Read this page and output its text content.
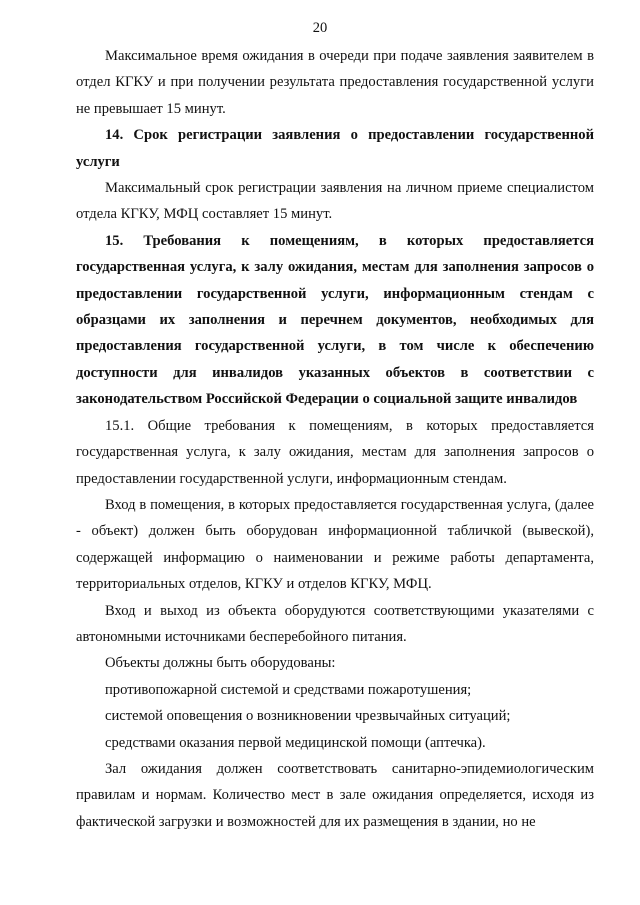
20

Максимальное время ожидания в очереди при подаче заявления заявителем в отдел КГКУ и при получении результата предоставления государственной услуги не превышает 15 минут.

14. Срок регистрации заявления о предоставлении государственной услуги

Максимальный срок регистрации заявления на личном приеме специалистом отдела КГКУ, МФЦ составляет 15 минут.

15. Требования к помещениям, в которых предоставляется государственная услуга, к залу ожидания, местам для заполнения запросов о предоставлении государственной услуги, информационным стендам с образцами их заполнения и перечнем документов, необходимых для предоставления государственной услуги, в том числе к обеспечению доступности для инвалидов указанных объектов в соответствии с законодательством Российской Федерации о социальной защите инвалидов

15.1. Общие требования к помещениям, в которых предоставляется государственная услуга, к залу ожидания, местам для заполнения запросов о предоставлении государственной услуги, информационным стендам.

Вход в помещения, в которых предоставляется государственная услуга, (далее - объект) должен быть оборудован информационной табличкой (вывеской), содержащей информацию о наименовании и режиме работы департамента, территориальных отделов, КГКУ и отделов КГКУ, МФЦ.

Вход и выход из объекта оборудуются соответствующими указателями с автономными источниками бесперебойного питания.

Объекты должны быть оборудованы:

противопожарной системой и средствами пожаротушения;

системой оповещения о возникновении чрезвычайных ситуаций;

средствами оказания первой медицинской помощи (аптечка).

Зал ожидания должен соответствовать санитарно-эпидемиологическим правилам и нормам. Количество мест в зале ожидания определяется, исходя из фактической загрузки и возможностей для их размещения в здании, но не
